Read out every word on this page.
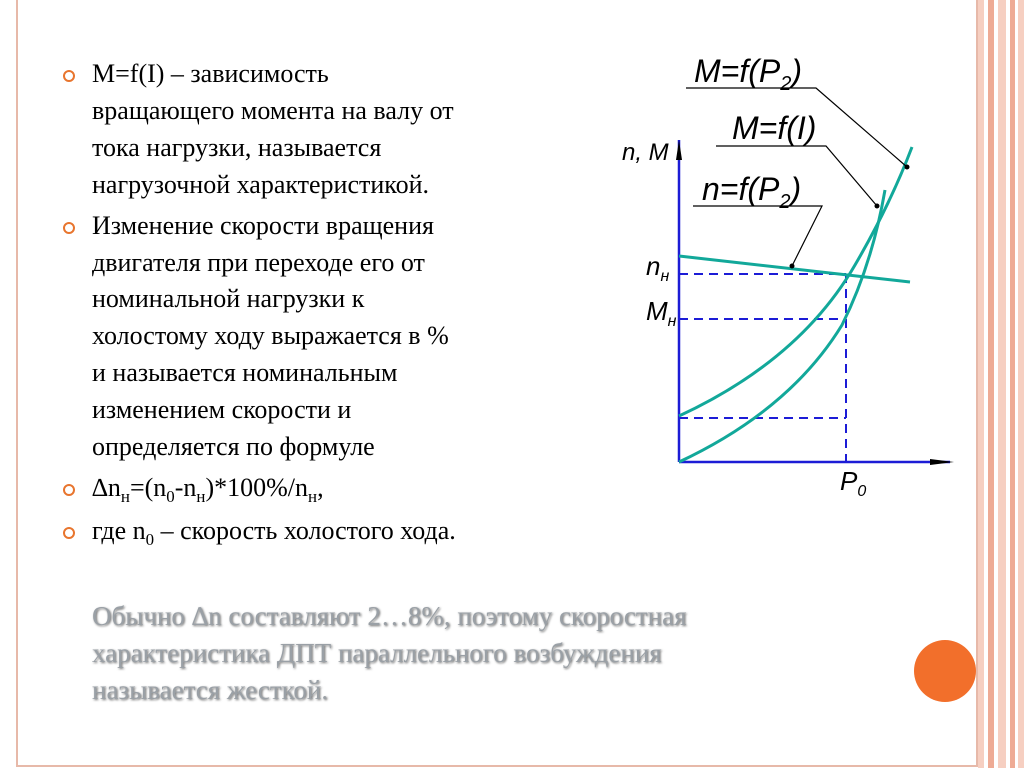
M=f(I) – зависимость
вращающего момента на валу от
тока нагрузки, называется
нагрузочной характеристикой.
Изменение скорости вращения
двигателя при переходе его от
номинальной нагрузки к
холостому ходу выражается в %
и называется номинальным
изменением скорости и
определяется по формуле
$\Delta n_н=(n_0-n_н)*100\%/n_н$,
где $n_0$ – скорость холостого хода.
$M=f(P_2)$
M=f(I)
$n=f(P_2)$
n, M
$n_н$
$M_н$
$P_0$

Обычно ∆n составляют 2…8%, поэтому скоростная
характеристика ДПТ параллельного возбуждения
называется жесткой.
